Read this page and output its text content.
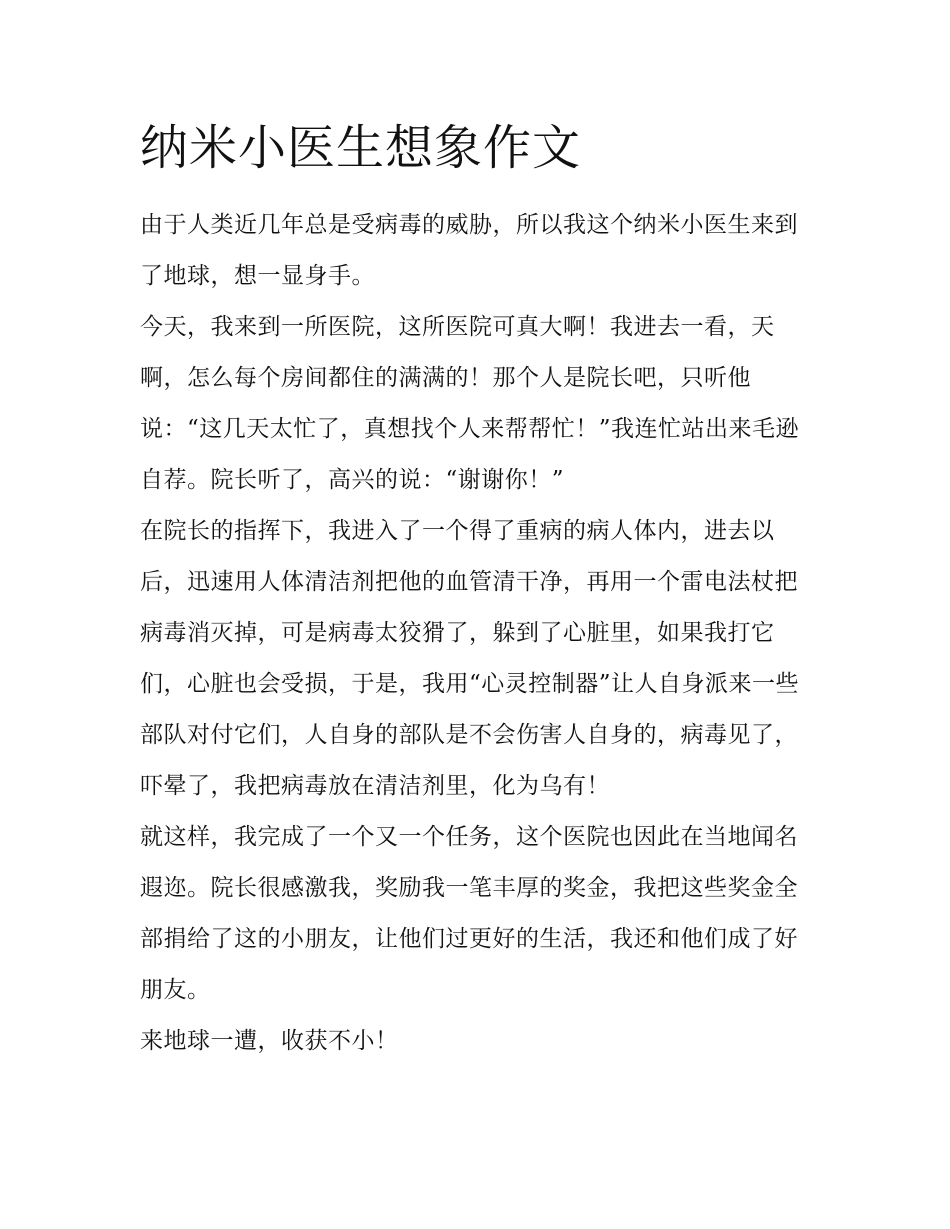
纳米小医生想象作文

由于人类近几年总是受病毒的威胁，所以我这个纳米小医生来到了地球，想一显身手。

今天，我来到一所医院，这所医院可真大啊！我进去一看，天啊，怎么每个房间都住的满满的！那个人是院长吧，只听他说：“这几天太忙了，真想找个人来帮帮忙！”我连忙站出来毛逊自荐。院长听了，高兴的说：“谢谢你！”

在院长的指挥下，我进入了一个得了重病的病人体内，进去以后，迅速用人体清洁剂把他的血管清干净，再用一个雷电法杖把病毒消灭掉，可是病毒太狡猾了，躲到了心脏里，如果我打它们，心脏也会受损，于是，我用“心灵控制器”让人自身派来一些部队对付它们，人自身的部队是不会伤害人自身的，病毒见了，吓晕了，我把病毒放在清洁剂里，化为乌有！

就这样，我完成了一个又一个任务，这个医院也因此在当地闻名遐迩。院长很感激我，奖励我一笔丰厚的奖金，我把这些奖金全部捐给了这的小朋友，让他们过更好的生活，我还和他们成了好朋友。

来地球一遭，收获不小！
